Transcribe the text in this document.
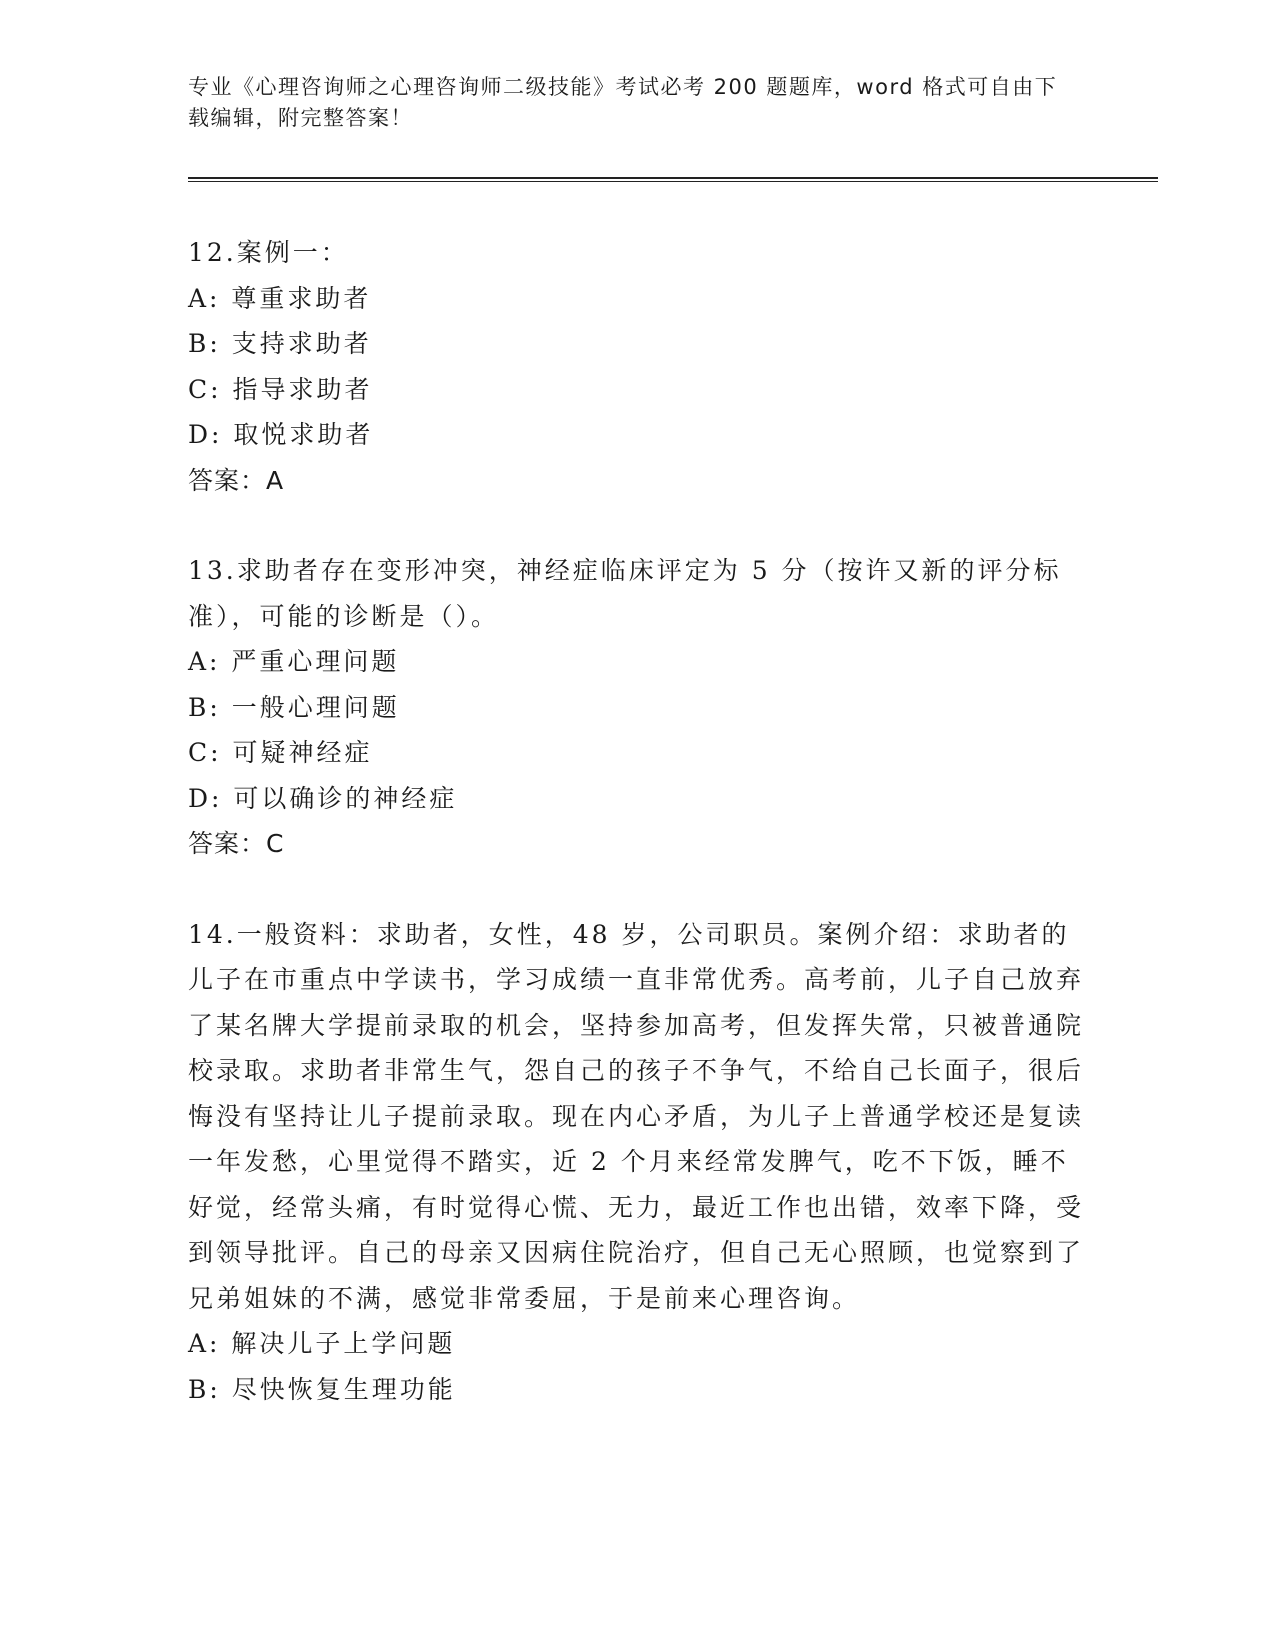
专业《心理咨询师之心理咨询师二级技能》考试必考 200 题题库，word 格式可自由下载编辑，附完整答案！
12.案例一：
A: 尊重求助者
B: 支持求助者
C: 指导求助者
D: 取悦求助者
答案：A
13.求助者存在变形冲突，神经症临床评定为 5 分（按许又新的评分标准），可能的诊断是（）。
A: 严重心理问题
B: 一般心理问题
C: 可疑神经症
D: 可以确诊的神经症
答案：C
14.一般资料：求助者，女性，48 岁，公司职员。案例介绍：求助者的儿子在市重点中学读书，学习成绩一直非常优秀。高考前，儿子自己放弃了某名牌大学提前录取的机会，坚持参加高考，但发挥失常，只被普通院校录取。求助者非常生气，怨自己的孩子不争气，不给自己长面子，很后悔没有坚持让儿子提前录取。现在内心矛盾，为儿子上普通学校还是复读一年发愁，心里觉得不踏实，近 2 个月来经常发脾气，吃不下饭，睡不好觉，经常头痛，有时觉得心慌、无力，最近工作也出错，效率下降，受到领导批评。自己的母亲又因病住院治疗，但自己无心照顾，也觉察到了兄弟姐妹的不满，感觉非常委屈，于是前来心理咨询。
A: 解决儿子上学问题
B: 尽快恢复生理功能
